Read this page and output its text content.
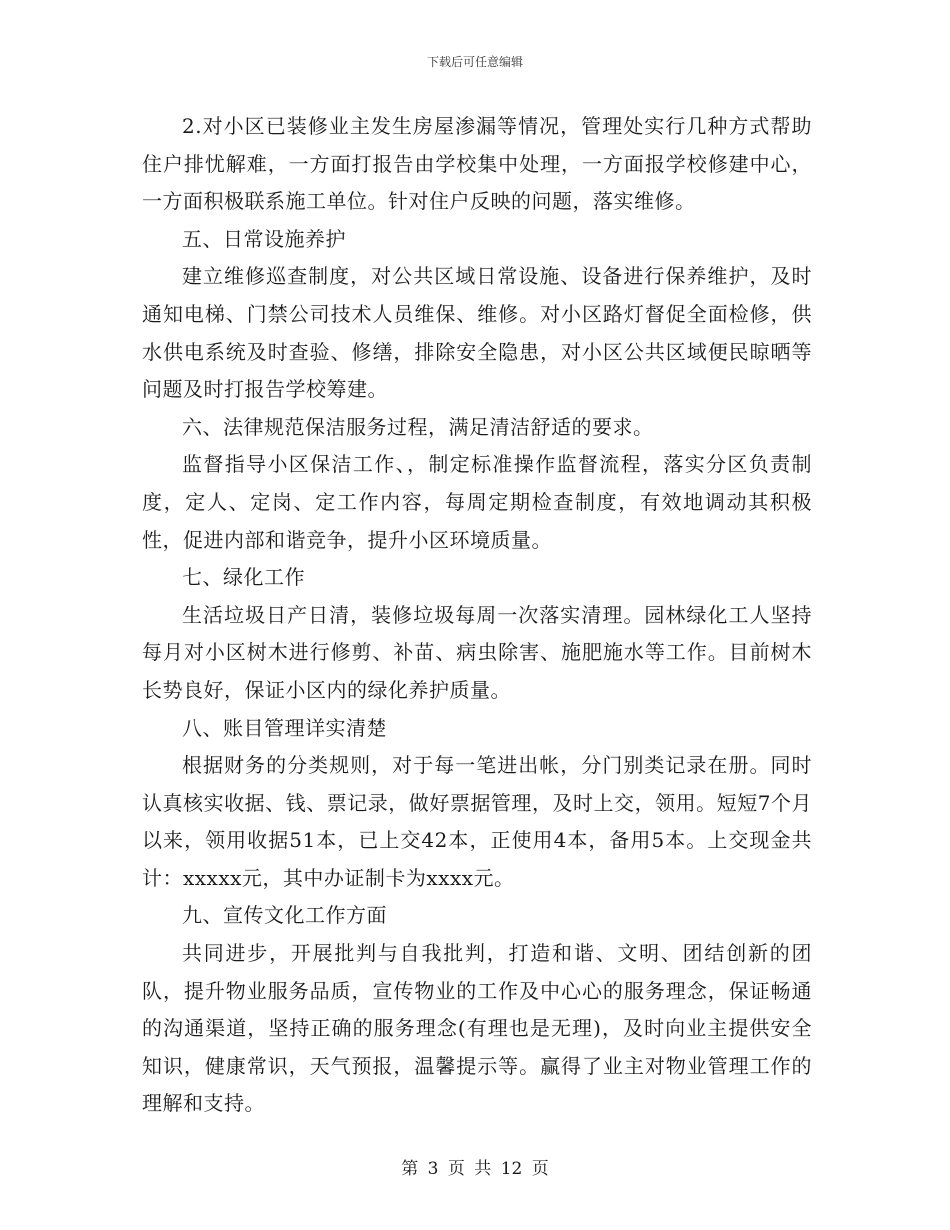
下载后可任意编辑

2.对小区已装修业主发生房屋渗漏等情况，管理处实行几种方式帮助住户排忧解难，一方面打报告由学校集中处理，一方面报学校修建中心，一方面积极联系施工单位。针对住户反映的问题，落实维修。

五、日常设施养护

建立维修巡查制度，对公共区域日常设施、设备进行保养维护，及时通知电梯、门禁公司技术人员维保、维修。对小区路灯督促全面检修，供水供电系统及时查验、修缮，排除安全隐患，对小区公共区域便民晾晒等问题及时打报告学校筹建。

六、法律规范保洁服务过程，满足清洁舒适的要求。

监督指导小区保洁工作、，制定标准操作监督流程，落实分区负责制度，定人、定岗、定工作内容，每周定期检查制度，有效地调动其积极性，促进内部和谐竞争，提升小区环境质量。

七、绿化工作

生活垃圾日产日清，装修垃圾每周一次落实清理。园林绿化工人坚持每月对小区树木进行修剪、补苗、病虫除害、施肥施水等工作。目前树木长势良好，保证小区内的绿化养护质量。

八、账目管理详实清楚

根据财务的分类规则，对于每一笔进出帐，分门别类记录在册。同时认真核实收据、钱、票记录，做好票据管理，及时上交，领用。短短7个月以来，领用收据51本，已上交42本，正使用4本，备用5本。上交现金共计：xxxxx元，其中办证制卡为xxxx元。

九、宣传文化工作方面

共同进步，开展批判与自我批判，打造和谐、文明、团结创新的团队，提升物业服务品质，宣传物业的工作及中心心的服务理念，保证畅通的沟通渠道，坚持正确的服务理念(有理也是无理)，及时向业主提供安全知识，健康常识，天气预报，温馨提示等。赢得了业主对物业管理工作的理解和支持。

第 3 页 共 12 页
